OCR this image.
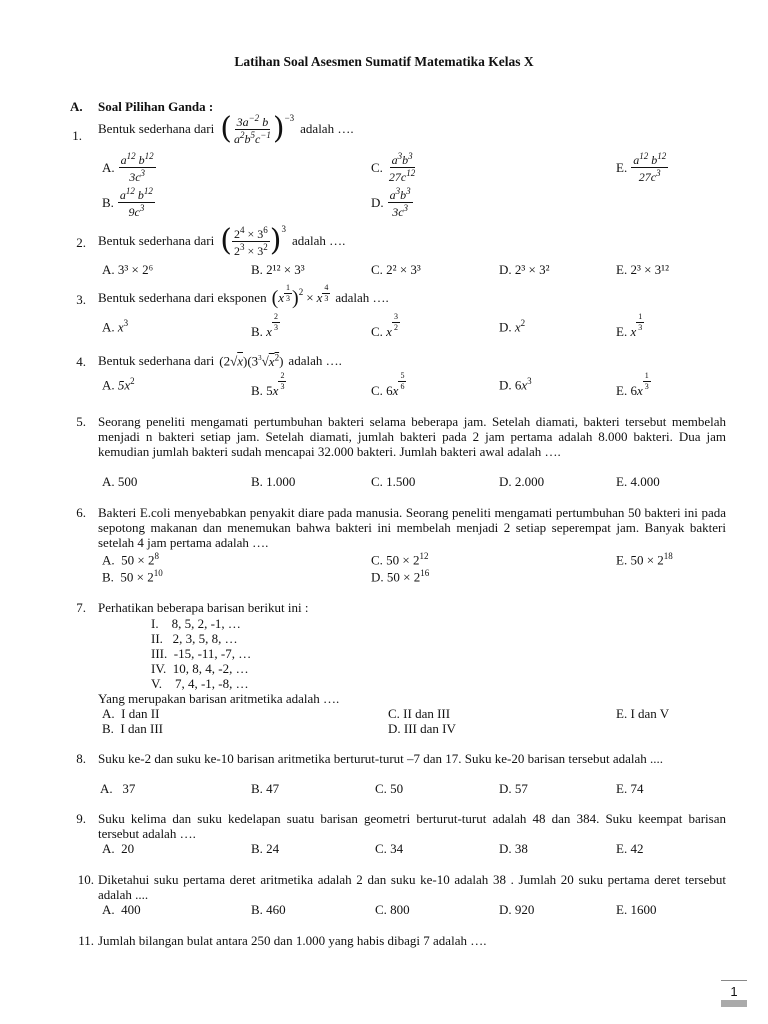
Latihan Soal Asesmen Sumatif Matematika Kelas X
A. Soal Pilihan Ganda :
1. Bentuk sederhana dari ( $\frac{3a^{-2} b}{a^2b^5c^{-1}} )^{-3}$
adalah ….
A. $\frac{a^{12} b^{12}}{3c^3}$
B. $\frac{a^{12} b^{12}}{9c^3}$
C. $\frac{a^3b^3}{27c^{12}}$
D. $\frac{a^3b^3}{3c^3}$
E. $\frac{a^{12} b^{12}}{27c^3}$
2. Bentuk sederhana dari ( $\frac{2^4 \times 3^6}{2^3 \times 3^2} )^3$
adalah ….
A. 3³ × 2⁶	B. 2¹² × 3³	C. 2² × 3³	D. 2³ × 3²	E. 2³ × 3¹²
3. Bentuk sederhana dari eksponen ( x $^{\frac{1}{3}}$ )$^2$ × x $^{\frac{4}{3}}$ adalah ….
A. $x^3$
B.
x $\frac{2}{3}$	C.
x $\frac{3}{2}$	D. $x^2$
E.
x $\frac{1}{3}$
4. Bentuk sederhana dari $(2√x)(3^3√x^2)$ adalah ….
A. $5x^2$
B. 5 x $\frac{2}{3}$	C. 6 x $\frac{5}{6}$	D. $6x^3$
E. 6 x $\frac{1}{3}$
5. Seorang peneliti mengamati pertumbuhan bakteri selama beberapa jam. Setelah diamati, bakteri tersebut membelah menjadi n bakteri setiap jam. Setelah diamati, jumlah bakteri pada 2 jam pertama adalah 8.000 bakteri. Dua jam kemudian jumlah bakteri sudah mencapai 32.000 bakteri. Jumlah bakteri awal adalah ….
A. 500	B. 1.000	C. 1.500	D. 2.000	E. 4.000
6. Bakteri E.coli menyebabkan penyakit diare pada manusia. Seorang peneliti mengamati pertumbuhan 50 bakteri ini pada sepotong makanan dan menemukan bahwa bakteri ini membelah menjadi 2 setiap seperempat jam. Banyak bakteri setelah 4 jam pertama adalah ….
A.  $50 \times 2^8$
B.  $50 \times 2^{10}$
C. $50 \times 2^{12}$
D. $50 \times 2^{16}$
E. $50 \times 2^{18}$
7. Perhatikan beberapa barisan berikut ini :
I.    8, 5, 2, -1, …
II.   2, 3, 5, 8, …
III.  -15, -11, -7, …
IV.  10, 8, 4, -2, …
V.    7, 4, -1, -8, …
Yang merupakan barisan aritmetika adalah ….
A.  I dan II
B.  I dan III
C. II dan III
D. III dan IV
E. I dan V
8. Suku ke-2 dan suku ke-10 barisan aritmetika berturut-turut –7 dan 17. Suku ke-20 barisan tersebut adalah ....
A.   37	B. 47	C. 50	D. 57	E. 74
9. Suku kelima dan suku kedelapan suatu barisan geometri berturut-turut adalah 48 dan 384. Suku keempat barisan tersebut adalah ….
A.  20	B. 24	C. 34	D. 38	E. 42
10. Diketahui suku pertama deret aritmetika adalah 2 dan suku ke-10 adalah 38 . Jumlah 20 suku pertama deret tersebut adalah ....
A.  400	B. 460	C. 800	D. 920	E. 1600
11. Jumlah bilangan bulat antara 250 dan 1.000 yang habis dibagi 7 adalah ….
1
